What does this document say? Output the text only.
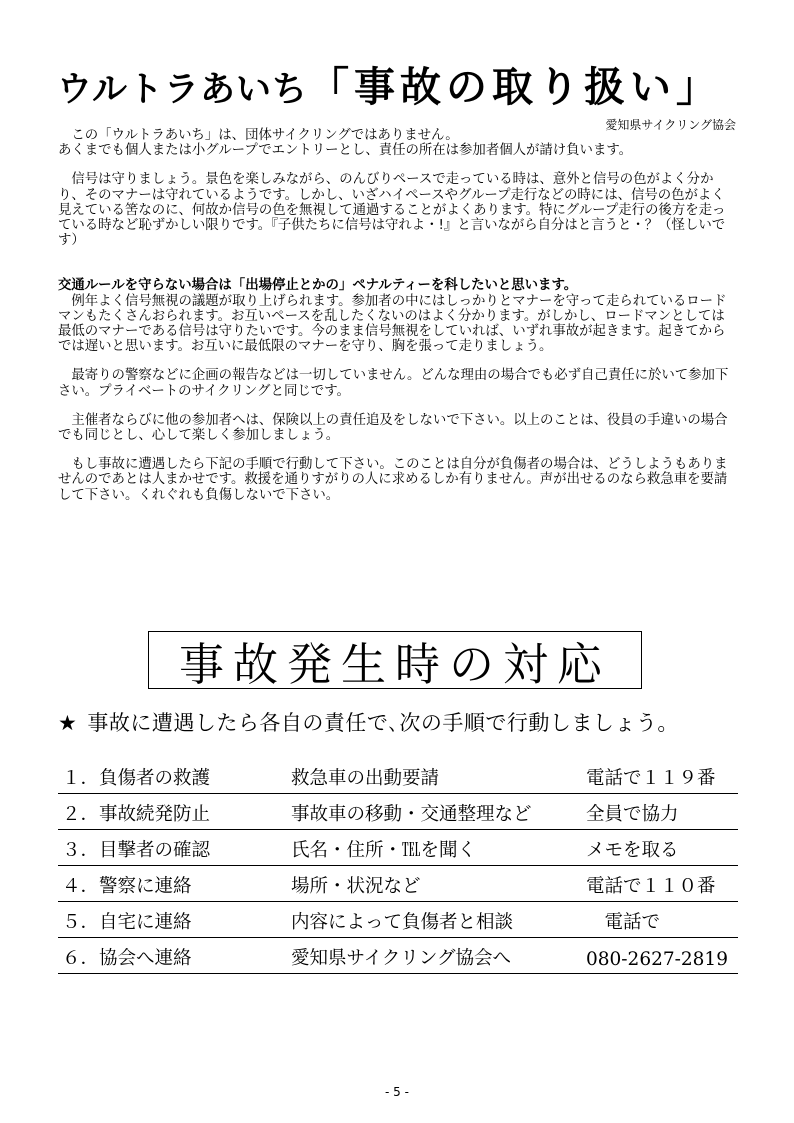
ウルトラあいち「事故の取り扱い」
愛知県サイクリング協会

　この「ウルトラあいち」は、団体サイクリングではありません。
あくまでも個人または小グループでエントリーとし、責任の所在は参加者個人が請け負います。

　信号は守りましょう。景色を楽しみながら、のんびりペースで走っている時は、意外と信号の色がよく分かり、そのマナーは守れているようです。しかし、いざハイペースやグループ走行などの時には、信号の色がよく見えている筈なのに、何故か信号の色を無視して通過することがよくあります。特にグループ走行の後方を走っている時など恥ずかしい限りです。『子供たちに信号は守れよ・!』と言いながら自分はと言うと・？（怪しいです）

交通ルールを守らない場合は「出場停止とかの」ペナルティーを科したいと思います。

　例年よく信号無視の議題が取り上げられます。参加者の中にはしっかりとマナーを守って走られているロードマンもたくさんおられます。お互いペースを乱したくないのはよく分かります。がしかし、ロードマンとしては最低のマナーである信号は守りたいです。今のまま信号無視をしていれば、いずれ事故が起きます。起きてからでは遅いと思います。お互いに最低限のマナーを守り、胸を張って走りましょう。

　最寄りの警察などに企画の報告などは一切していません。どんな理由の場合でも必ず自己責任に於いて参加下さい。プライベートのサイクリングと同じです。

　主催者ならびに他の参加者へは、保険以上の責任追及をしないで下さい。以上のことは、役員の手違いの場合でも同じとし、心して楽しく参加しましょう。

　もし事故に遭遇したら下記の手順で行動して下さい。このことは自分が負傷者の場合は、どうしようもありませんのであとは人まかせです。救援を通りすがりの人に求めるしか有りません。声が出せるのなら救急車を要請して下さい。くれぐれも負傷しないで下さい。

事故発生時の対応
★ 事故に遭遇したら各自の責任で､次の手順で行動しましょう。
１．負傷者の救護	救急車の出動要請	電話で１１９番
２．事故続発防止	事故車の移動・交通整理など	全員で協力
３．目撃者の確認	氏名・住所・℡を聞く	メモを取る
４．警察に連絡	場所・状況など	電話で１１０番
５．自宅に連絡	内容によって負傷者と相談	　電話で
６．協会へ連絡	愛知県サイクリング協会へ	080-2627-2819
- 5 -
